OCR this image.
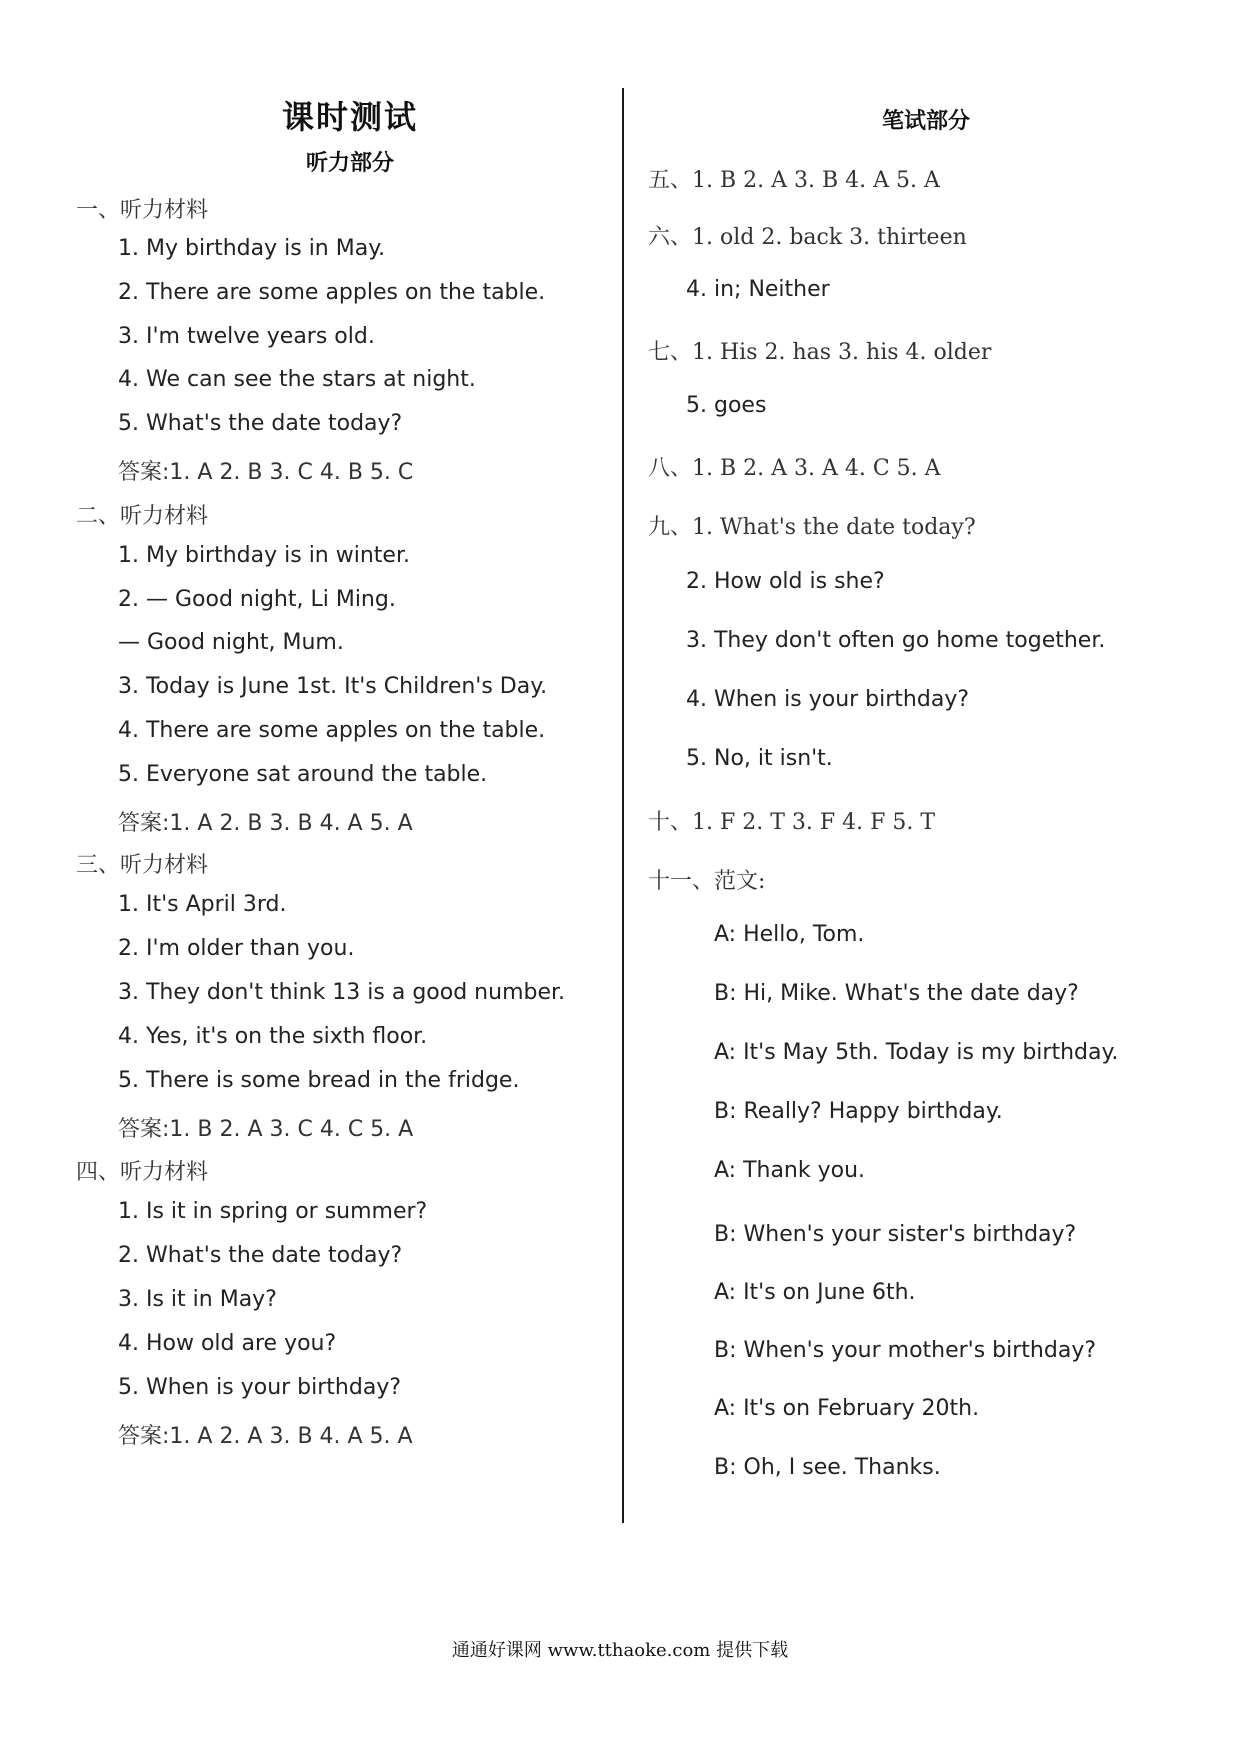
课时测试
听力部分
一、听力材料
1. My birthday is in May.
2. There are some apples on the table.
3. I'm twelve years old.
4. We can see the stars at night.
5. What's the date today?
答案:1. A 2. B 3. C 4. B 5. C
二、听力材料
1. My birthday is in winter.
2. — Good night, Li Ming.
— Good night, Mum.
3. Today is June 1st. It's Children's Day.
4. There are some apples on the table.
5. Everyone sat around the table.
答案:1. A 2. B 3. B 4. A 5. A
三、听力材料
1. It's April 3rd.
2. I'm older than you.
3. They don't think 13 is a good number.
4. Yes, it's on the sixth floor.
5. There is some bread in the fridge.
答案:1. B 2. A 3. C 4. C 5. A
四、听力材料
1. Is it in spring or summer?
2. What's the date today?
3. Is it in May?
4. How old are you?
5. When is your birthday?
答案:1. A 2. A 3. B 4. A 5. A
笔试部分
五、1. B 2. A 3. B 4. A 5. A
六、1. old 2. back 3. thirteen
4. in; Neither
七、1. His 2. has 3. his 4. older
5. goes
八、1. B 2. A 3. A 4. C 5. A
九、1. What's the date today?
2. How old is she?
3. They don't often go home together.
4. When is your birthday?
5. No, it isn't.
十、1. F 2. T 3. F 4. F 5. T
十一、范文:
A: Hello, Tom.
B: Hi, Mike. What's the date day?
A: It's May 5th. Today is my birthday.
B: Really? Happy birthday.
A: Thank you.
B: When's your sister's birthday?
A: It's on June 6th.
B: When's your mother's birthday?
A: It's on February 20th.
B: Oh, I see. Thanks.
通通好课网 www.tthaoke.com 提供下载
